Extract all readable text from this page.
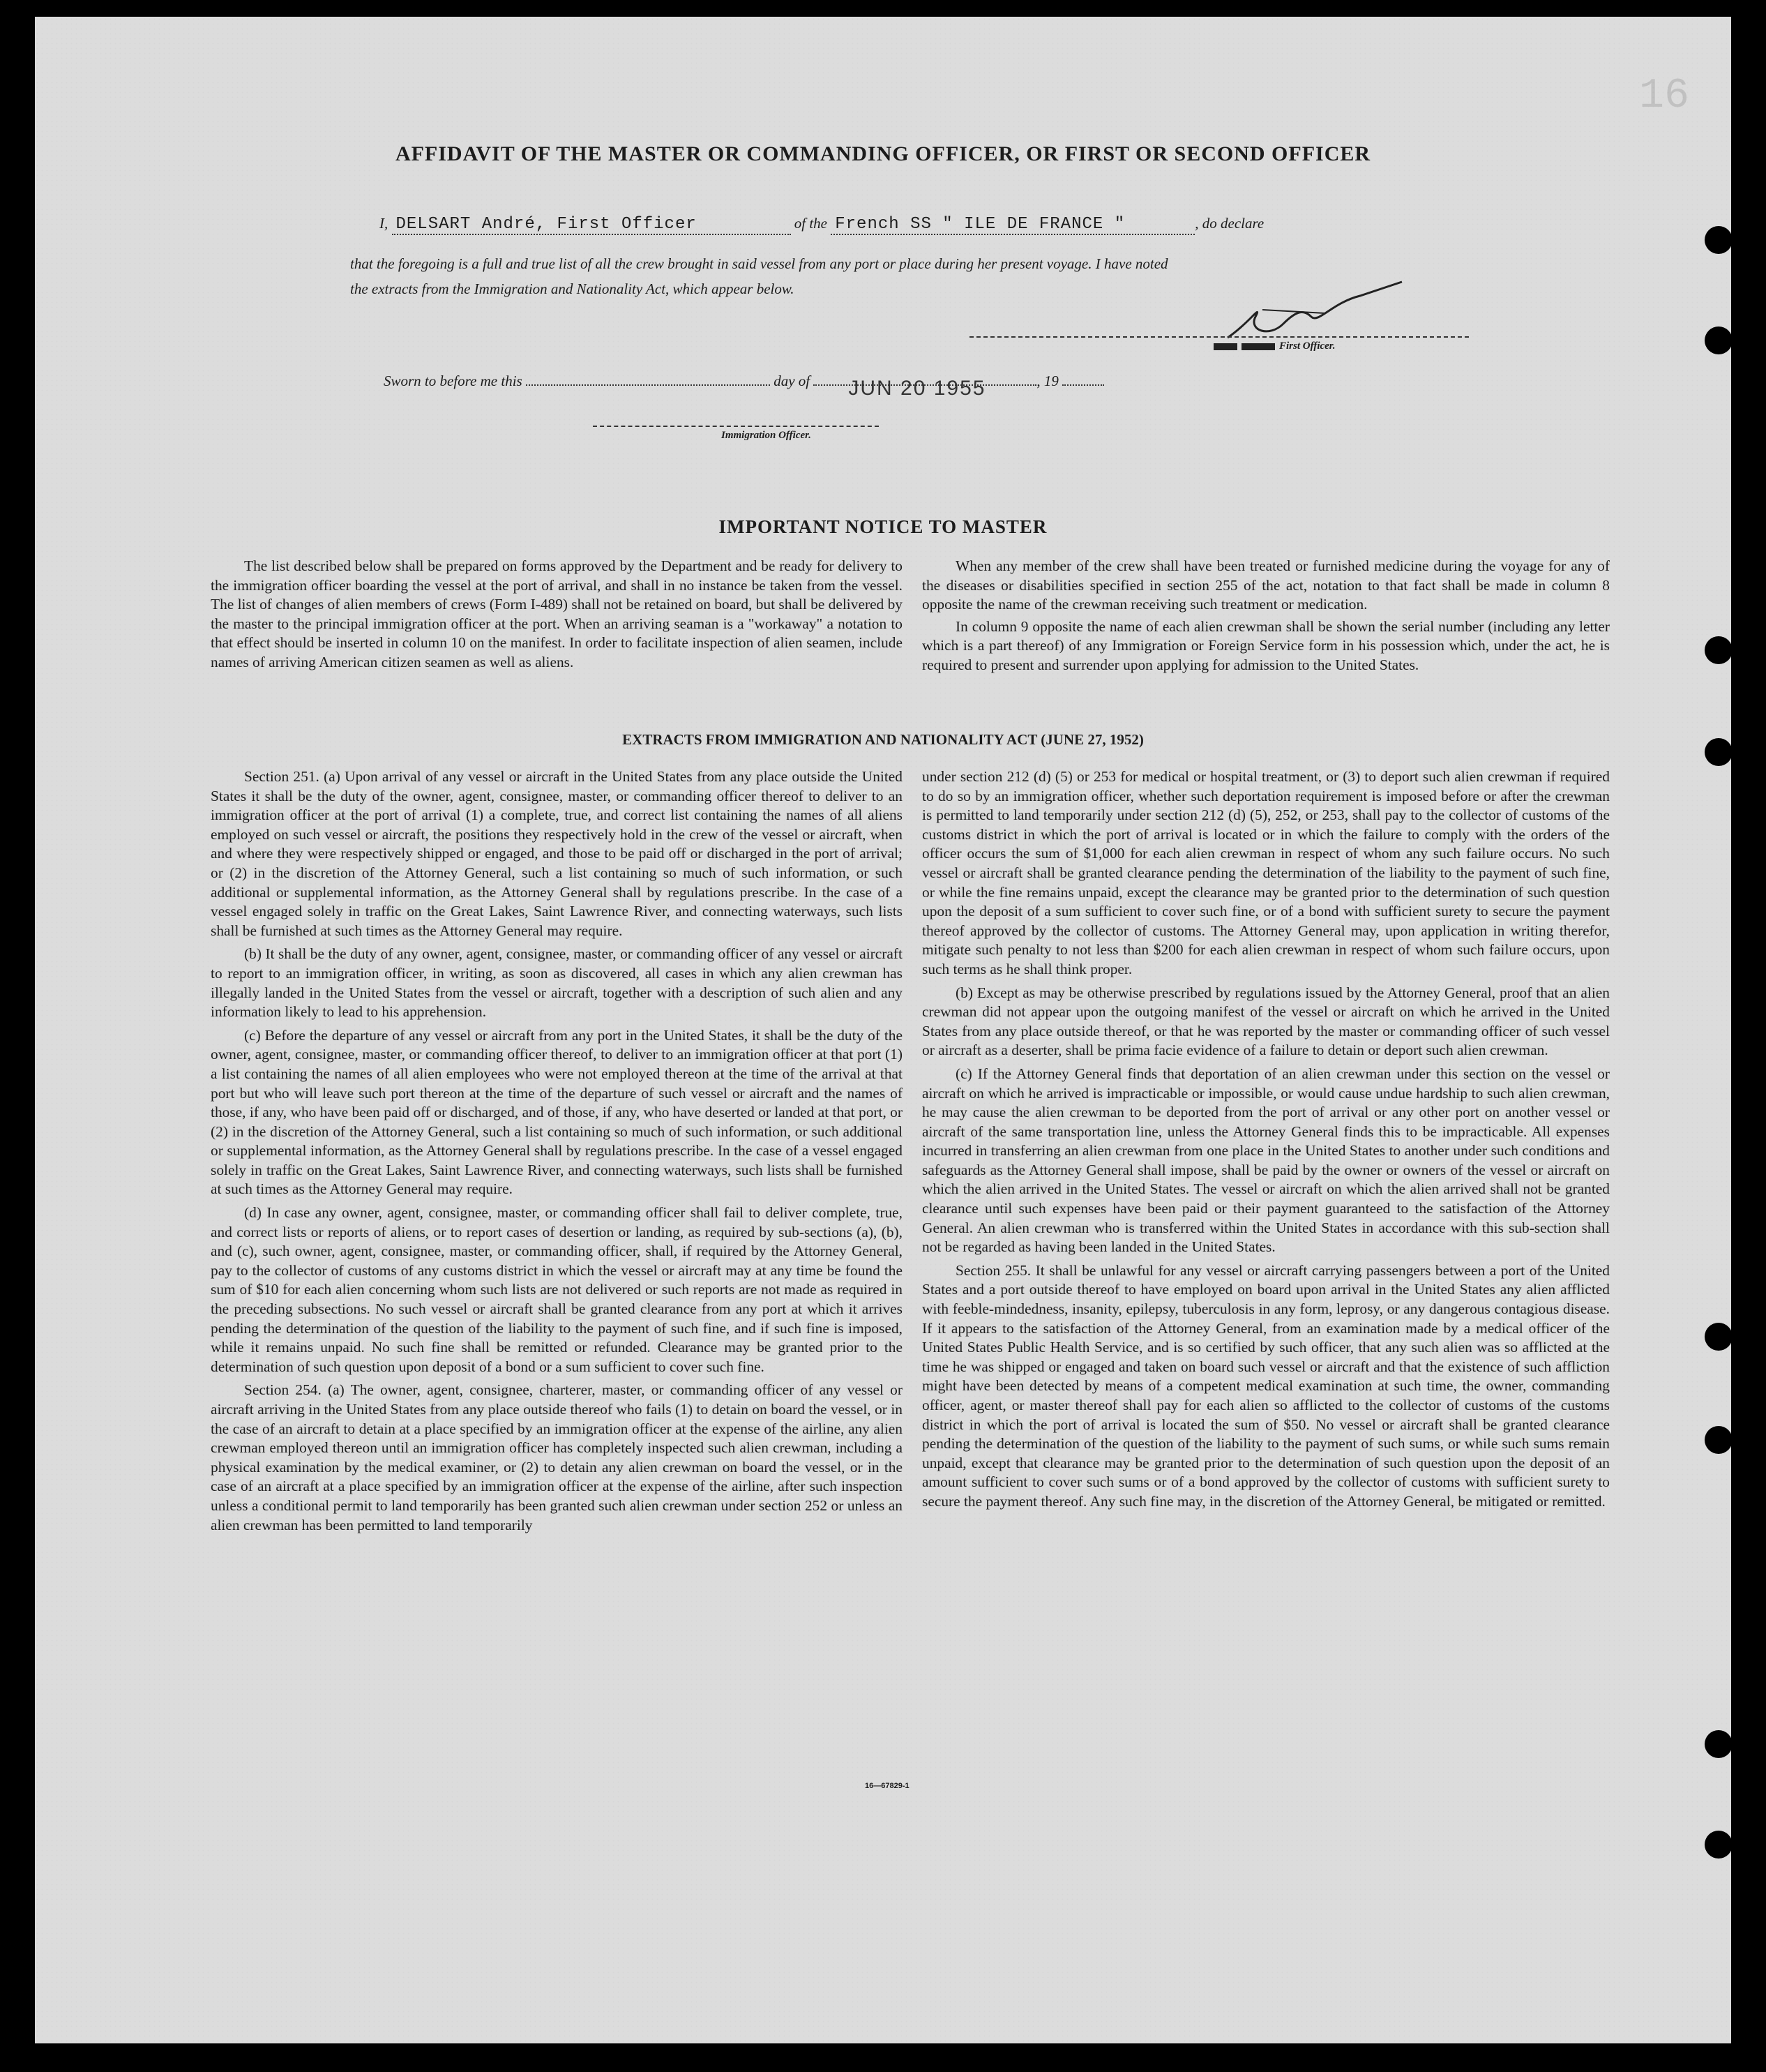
16
AFFIDAVIT OF THE MASTER OR COMMANDING OFFICER, OR FIRST OR SECOND OFFICER
I, DELSART André, First Officer	of the French SS " ILE DE FRANCE "	, do declare
that the foregoing is a full and true list of all the crew brought in said vessel from any port or place during her present voyage. I have noted
the extracts from the Immigration and Nationality Act, which appear below.
First Officer.
Sworn to before me this	day of JUN 20 1955	, 19
Immigration Officer.
IMPORTANT NOTICE TO MASTER

The list described below shall be prepared on forms approved by the Department and be ready for delivery to the immigration officer boarding the vessel at the port of arrival, and shall in no instance be taken from the vessel. The list of changes of alien members of crews (Form I-489) shall not be retained on board, but shall be delivered by the master to the principal immigration officer at the port. When an arriving seaman is a "workaway" a notation to that effect should be inserted in column 10 on the manifest. In order to facilitate inspection of alien seamen, include names of arriving American citizen seamen as well as aliens.

When any member of the crew shall have been treated or furnished medicine during the voyage for any of the diseases or disabilities specified in section 255 of the act, notation to that fact shall be made in column 8 opposite the name of the crewman receiving such treatment or medication.

In column 9 opposite the name of each alien crewman shall be shown the serial number (including any letter which is a part thereof) of any Immigration or Foreign Service form in his possession which, under the act, he is required to present and surrender upon applying for admission to the United States.

EXTRACTS FROM IMMIGRATION AND NATIONALITY ACT (JUNE 27, 1952)

Section 251. (a) Upon arrival of any vessel or aircraft in the United States from any place outside the United States it shall be the duty of the owner, agent, consignee, master, or commanding officer thereof to deliver to an immigration officer at the port of arrival (1) a complete, true, and correct list containing the names of all aliens employed on such vessel or aircraft, the positions they respectively hold in the crew of the vessel or aircraft, when and where they were respectively shipped or engaged, and those to be paid off or discharged in the port of arrival; or (2) in the discretion of the Attorney General, such a list containing so much of such information, or such additional or supplemental information, as the Attorney General shall by regulations prescribe. In the case of a vessel engaged solely in traffic on the Great Lakes, Saint Lawrence River, and connecting waterways, such lists shall be furnished at such times as the Attorney General may require.

(b) It shall be the duty of any owner, agent, consignee, master, or commanding officer of any vessel or aircraft to report to an immigration officer, in writing, as soon as discovered, all cases in which any alien crewman has illegally landed in the United States from the vessel or aircraft, together with a description of such alien and any information likely to lead to his apprehension.

(c) Before the departure of any vessel or aircraft from any port in the United States, it shall be the duty of the owner, agent, consignee, master, or commanding officer thereof, to deliver to an immigration officer at that port (1) a list containing the names of all alien employees who were not employed thereon at the time of the arrival at that port but who will leave such port thereon at the time of the departure of such vessel or aircraft and the names of those, if any, who have been paid off or discharged, and of those, if any, who have deserted or landed at that port, or (2) in the discretion of the Attorney General, such a list containing so much of such information, or such additional or supplemental information, as the Attorney General shall by regulations prescribe. In the case of a vessel engaged solely in traffic on the Great Lakes, Saint Lawrence River, and connecting waterways, such lists shall be furnished at such times as the Attorney General may require.

(d) In case any owner, agent, consignee, master, or commanding officer shall fail to deliver complete, true, and correct lists or reports of aliens, or to report cases of desertion or landing, as required by sub-sections (a), (b), and (c), such owner, agent, consignee, master, or commanding officer, shall, if required by the Attorney General, pay to the collector of customs of any customs district in which the vessel or aircraft may at any time be found the sum of $10 for each alien concerning whom such lists are not delivered or such reports are not made as required in the preceding subsections. No such vessel or aircraft shall be granted clearance from any port at which it arrives pending the determination of the question of the liability to the payment of such fine, and if such fine is imposed, while it remains unpaid. No such fine shall be remitted or refunded. Clearance may be granted prior to the determination of such question upon deposit of a bond or a sum sufficient to cover such fine.

Section 254. (a) The owner, agent, consignee, charterer, master, or commanding officer of any vessel or aircraft arriving in the United States from any place outside thereof who fails (1) to detain on board the vessel, or in the case of an aircraft to detain at a place specified by an immigration officer at the expense of the airline, any alien crewman employed thereon until an immigration officer has completely inspected such alien crewman, including a physical examination by the medical examiner, or (2) to detain any alien crewman on board the vessel, or in the case of an aircraft at a place specified by an immigration officer at the expense of the airline, after such inspection unless a conditional permit to land temporarily has been granted such alien crewman under section 252 or unless an alien crewman has been permitted to land temporarily

under section 212 (d) (5) or 253 for medical or hospital treatment, or (3) to deport such alien crewman if required to do so by an immigration officer, whether such deportation requirement is imposed before or after the crewman is permitted to land temporarily under section 212 (d) (5), 252, or 253, shall pay to the collector of customs of the customs district in which the port of arrival is located or in which the failure to comply with the orders of the officer occurs the sum of $1,000 for each alien crewman in respect of whom any such failure occurs. No such vessel or aircraft shall be granted clearance pending the determination of the liability to the payment of such fine, or while the fine remains unpaid, except the clearance may be granted prior to the determination of such question upon the deposit of a sum sufficient to cover such fine, or of a bond with sufficient surety to secure the payment thereof approved by the collector of customs. The Attorney General may, upon application in writing therefor, mitigate such penalty to not less than $200 for each alien crewman in respect of whom such failure occurs, upon such terms as he shall think proper.

(b) Except as may be otherwise prescribed by regulations issued by the Attorney General, proof that an alien crewman did not appear upon the outgoing manifest of the vessel or aircraft on which he arrived in the United States from any place outside thereof, or that he was reported by the master or commanding officer of such vessel or aircraft as a deserter, shall be prima facie evidence of a failure to detain or deport such alien crewman.

(c) If the Attorney General finds that deportation of an alien crewman under this section on the vessel or aircraft on which he arrived is impracticable or impossible, or would cause undue hardship to such alien crewman, he may cause the alien crewman to be deported from the port of arrival or any other port on another vessel or aircraft of the same transportation line, unless the Attorney General finds this to be impracticable. All expenses incurred in transferring an alien crewman from one place in the United States to another under such conditions and safeguards as the Attorney General shall impose, shall be paid by the owner or owners of the vessel or aircraft on which the alien arrived in the United States. The vessel or aircraft on which the alien arrived shall not be granted clearance until such expenses have been paid or their payment guaranteed to the satisfaction of the Attorney General. An alien crewman who is transferred within the United States in accordance with this sub-section shall not be regarded as having been landed in the United States.

Section 255. It shall be unlawful for any vessel or aircraft carrying passengers between a port of the United States and a port outside thereof to have employed on board upon arrival in the United States any alien afflicted with feeble-mindedness, insanity, epilepsy, tuberculosis in any form, leprosy, or any dangerous contagious disease. If it appears to the satisfaction of the Attorney General, from an examination made by a medical officer of the United States Public Health Service, and is so certified by such officer, that any such alien was so afflicted at the time he was shipped or engaged and taken on board such vessel or aircraft and that the existence of such affliction might have been detected by means of a competent medical examination at such time, the owner, commanding officer, agent, or master thereof shall pay for each alien so afflicted to the collector of customs of the customs district in which the port of arrival is located the sum of $50. No vessel or aircraft shall be granted clearance pending the determination of the question of the liability to the payment of such sums, or while such sums remain unpaid, except that clearance may be granted prior to the determination of such question upon the deposit of an amount sufficient to cover such sums or of a bond approved by the collector of customs with sufficient surety to secure the payment thereof. Any such fine may, in the discretion of the Attorney General, be mitigated or remitted.

16—67829-1
